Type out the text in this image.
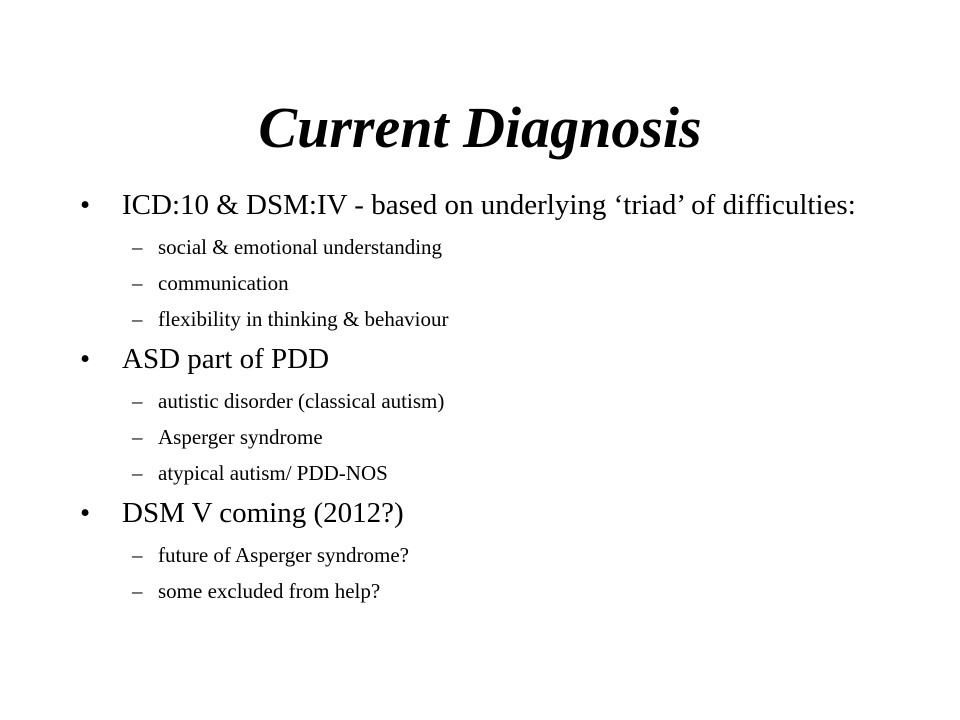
Current Diagnosis
•	ICD:10 & DSM:IV - based on underlying ‘triad’ of difficulties:
– social & emotional understanding
– communication
– flexibility in thinking & behaviour
•	ASD part of PDD
– autistic disorder (classical autism)
– Asperger syndrome
– atypical autism/ PDD-NOS
•	DSM V coming (2012?)
– future of Asperger syndrome?
– some excluded from help?
